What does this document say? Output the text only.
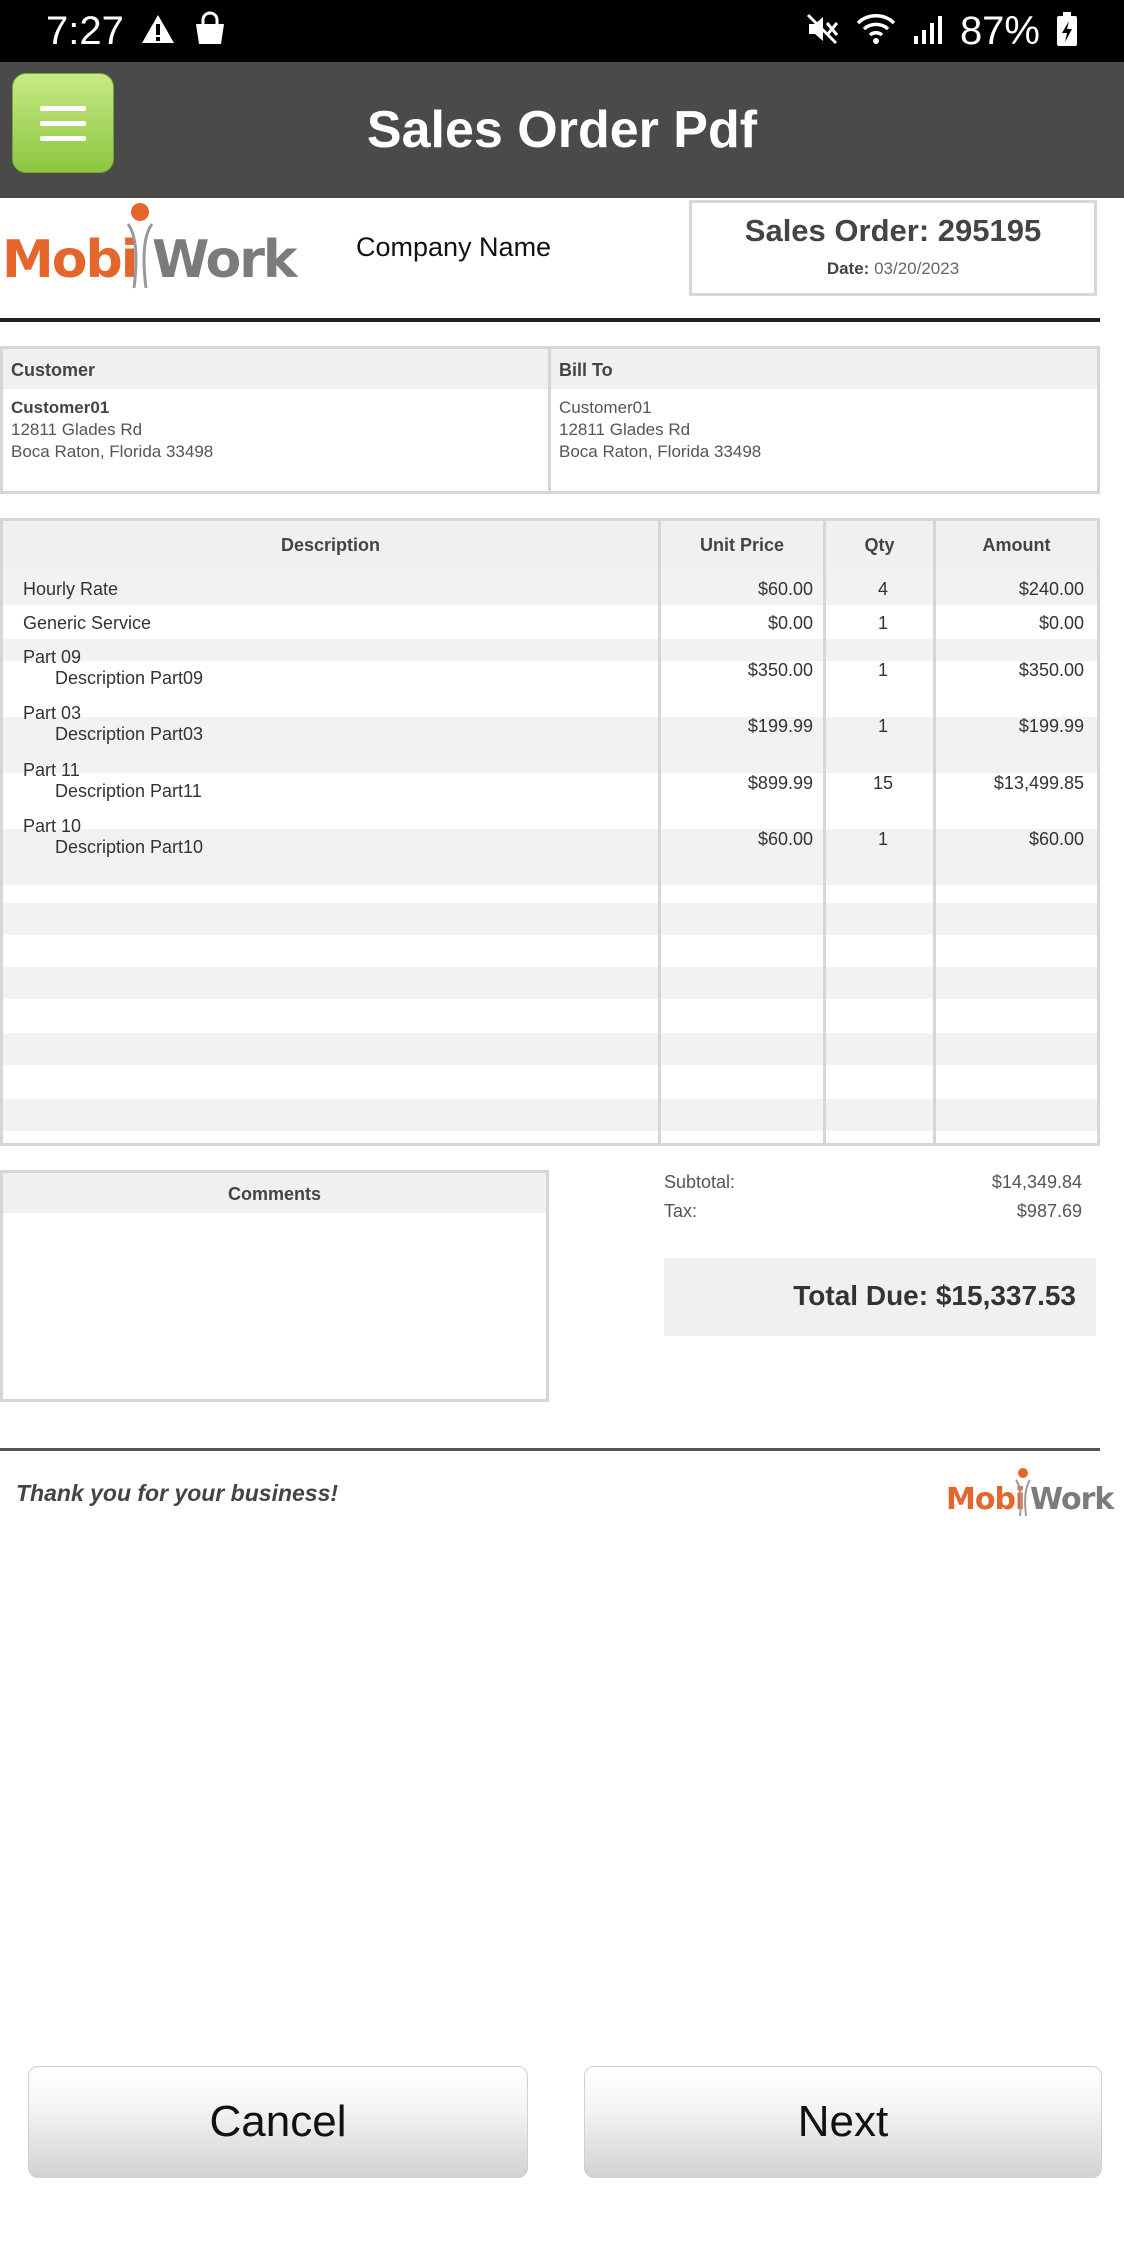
7:27	87%
Sales Order Pdf
Mobi Work Company Name	Sales Order: 295195
Date: 03/20/2023
Customer
Customer01
12811 Glades Rd
Boca Raton, Florida 33498
Bill To
Customer01
12811 Glades Rd
Boca Raton, Florida 33498
Description	Unit Price	Qty	Amount
Hourly Rate	$60.00	4	$240.00
Generic Service	$0.00	1	$0.00
Part 09
Description Part09	$350.00	1	$350.00
Part 03
Description Part03	$199.99	1	$199.99
Part 11
Description Part11	$899.99	15	$13,499.85
Part 10
Description Part10	$60.00	1	$60.00
Comments
Subtotal:	$14,349.84
Tax:	$987.69
Total Due: $15,337.53
Thank you for your business!	Mobi Work
Cancel	Next
